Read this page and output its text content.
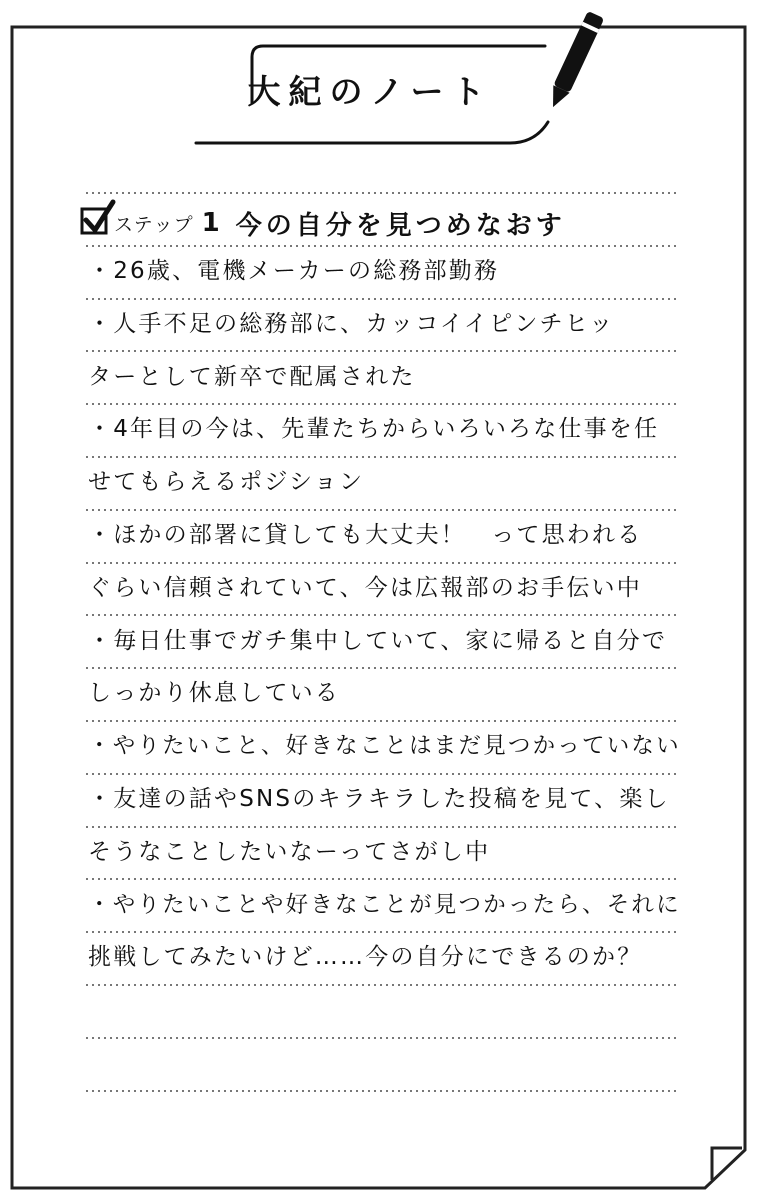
大紀のノート
ステップ 1 今の自分を見つめなおす
・26歳、電機メーカーの総務部勤務
・人手不足の総務部に、カッコイイピンチヒッ
ターとして新卒で配属された
・4年目の今は、先輩たちからいろいろな仕事を任
せてもらえるポジション
・ほかの部署に貸しても大丈夫！　って思われる
ぐらい信頼されていて、今は広報部のお手伝い中
・毎日仕事でガチ集中していて、家に帰ると自分で
しっかり休息している
・やりたいこと、好きなことはまだ見つかっていない
・友達の話やSNSのキラキラした投稿を見て、楽し
そうなことしたいなーってさがし中
・やりたいことや好きなことが見つかったら、それに
挑戦してみたいけど……今の自分にできるのか？
